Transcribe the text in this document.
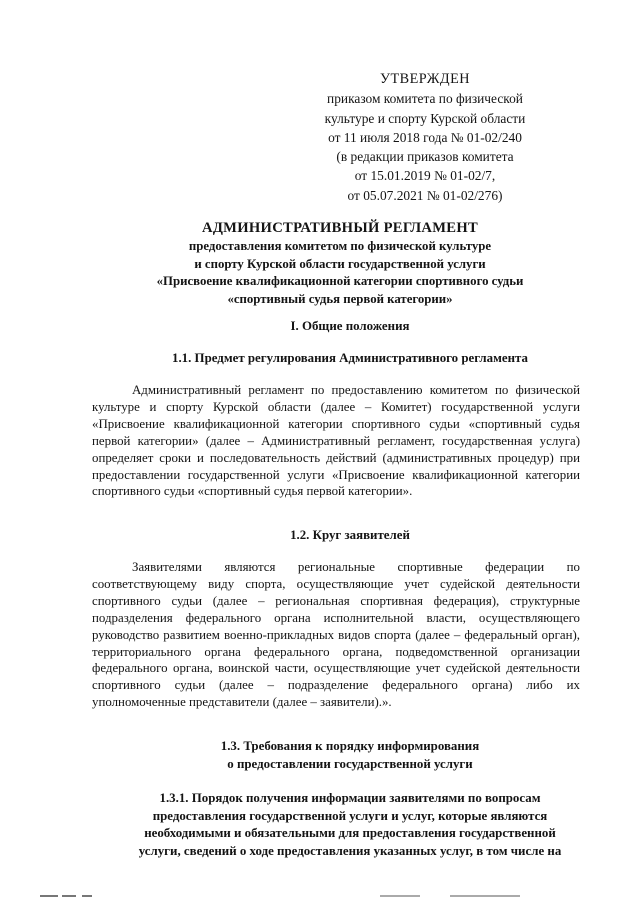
УТВЕРЖДЕН
приказом комитета по физической
культуре и спорту Курской области
от 11 июля 2018 года № 01-02/240
(в редакции приказов комитета
от 15.01.2019 № 01-02/7,
от 05.07.2021 № 01-02/276)
АДМИНИСТРАТИВНЫЙ РЕГЛАМЕНТ
предоставления комитетом по физической культуре
и спорту Курской области государственной услуги
«Присвоение квалификационной категории спортивного судьи
«спортивный судья первой категории»
I. Общие положения
1.1. Предмет регулирования Административного регламента
Административный регламент по предоставлению комитетом по физической культуре и спорту Курской области (далее – Комитет) государственной услуги «Присвоение квалификационной категории спортивного судьи «спортивный судья первой категории» (далее – Административный регламент, государственная услуга) определяет сроки и последовательность действий (административных процедур) при предоставлении государственной услуги «Присвоение квалификационной категории спортивного судьи «спортивный судья первой категории».
1.2. Круг заявителей
Заявителями являются региональные спортивные федерации по соответствующему виду спорта, осуществляющие учет судейской деятельности спортивного судьи (далее – региональная спортивная федерация), структурные подразделения федерального органа исполнительной власти, осуществляющего руководство развитием военно-прикладных видов спорта (далее – федеральный орган), территориального органа федерального органа, подведомственной организации федерального органа, воинской части, осуществляющие учет судейской деятельности спортивного судьи (далее – подразделение федерального органа) либо их уполномоченные представители (далее – заявители).».
1.3. Требования к порядку информирования
о предоставлении государственной услуги
1.3.1. Порядок получения информации заявителями по вопросам
предоставления государственной услуги и услуг, которые являются
необходимыми и обязательными для предоставления государственной
услуги, сведений о ходе предоставления указанных услуг, в том числе на
